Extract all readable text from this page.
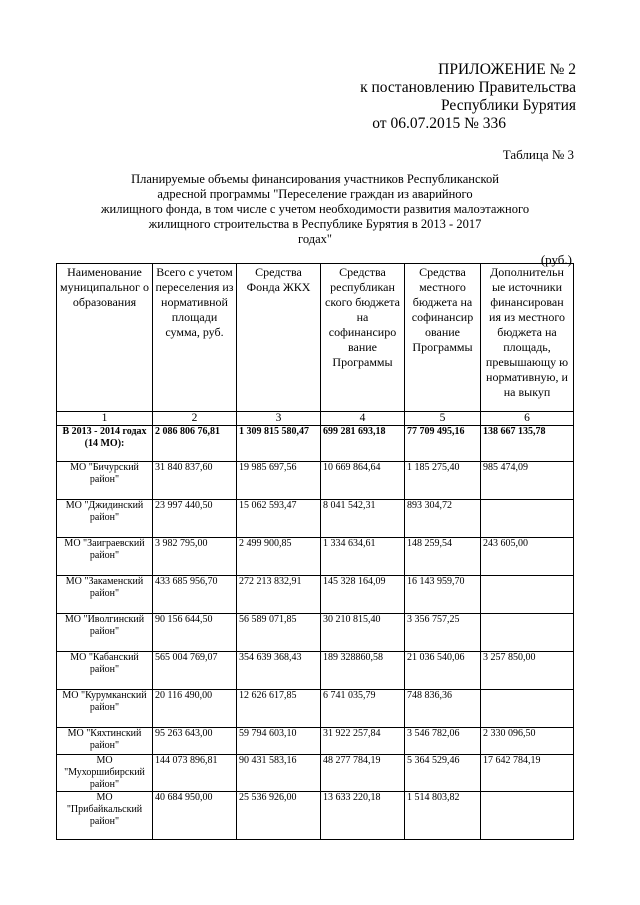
ПРИЛОЖЕНИЕ № 2
к постановлению Правительства
Республики Бурятия
от 06.07.2015 № 336
Таблица № 3
Планируемые объемы финансирования участников Республиканской
адресной программы "Переселение граждан из аварийного
жилищного фонда, в том числе с учетом необходимости развития малоэтажного
жилищного строительства в Республике Бурятия в 2013 - 2017
годах"
(руб.)
Наименование муниципальног о образования	Всего с учетом переселения из нормативной площади сумма, руб.	Средства Фонда ЖКХ	Средства республикан ского бюджета на софинансиро вание Программы	Средства местного бюджета на софинансир ование Программы	Дополнительн ые источники финансирован ия из местного бюджета на площадь, превышающу ю нормативную, и на выкуп
1	2	3	4	5	6
В 2013 - 2014 годах (14 МО):	2 086 806 76,81	1 309 815 580,47	699 281 693,18	77 709 495,16	138 667 135,78
МО "Бичурский район"	31 840 837,60	19 985 697,56	10 669 864,64	1 185 275,40	985 474,09
МО "Джидинский район"	23 997 440,50	15 062 593,47	8 041 542,31	893 304,72	
МО "Заиграевский район"	3 982 795,00	2 499 900,85	1 334 634,61	148 259,54	243 605,00
МО "Закаменский район"	433 685 956,70	272 213 832,91	145 328 164,09	16 143 959,70	
МО "Иволгинский район"	90 156 644,50	56 589 071,85	30 210 815,40	3 356 757,25	
МО "Кабанский район"	565 004 769,07	354 639 368,43	189 328860,58	21 036 540,06	3 257 850,00
МО "Курумканский район"	20 116 490,00	12 626 617,85	6 741 035,79	748 836,36	
МО "Кяхтинский район"	95 263 643,00	59 794 603,10	31 922 257,84	3 546 782,06	2 330 096,50
МО "Мухоршибирский район"	144 073 896,81	90 431 583,16	48 277 784,19	5 364 529,46	17 642 784,19
МО "Прибайкальский район"	40 684 950,00	25 536 926,00	13 633 220,18	1 514 803,82	
